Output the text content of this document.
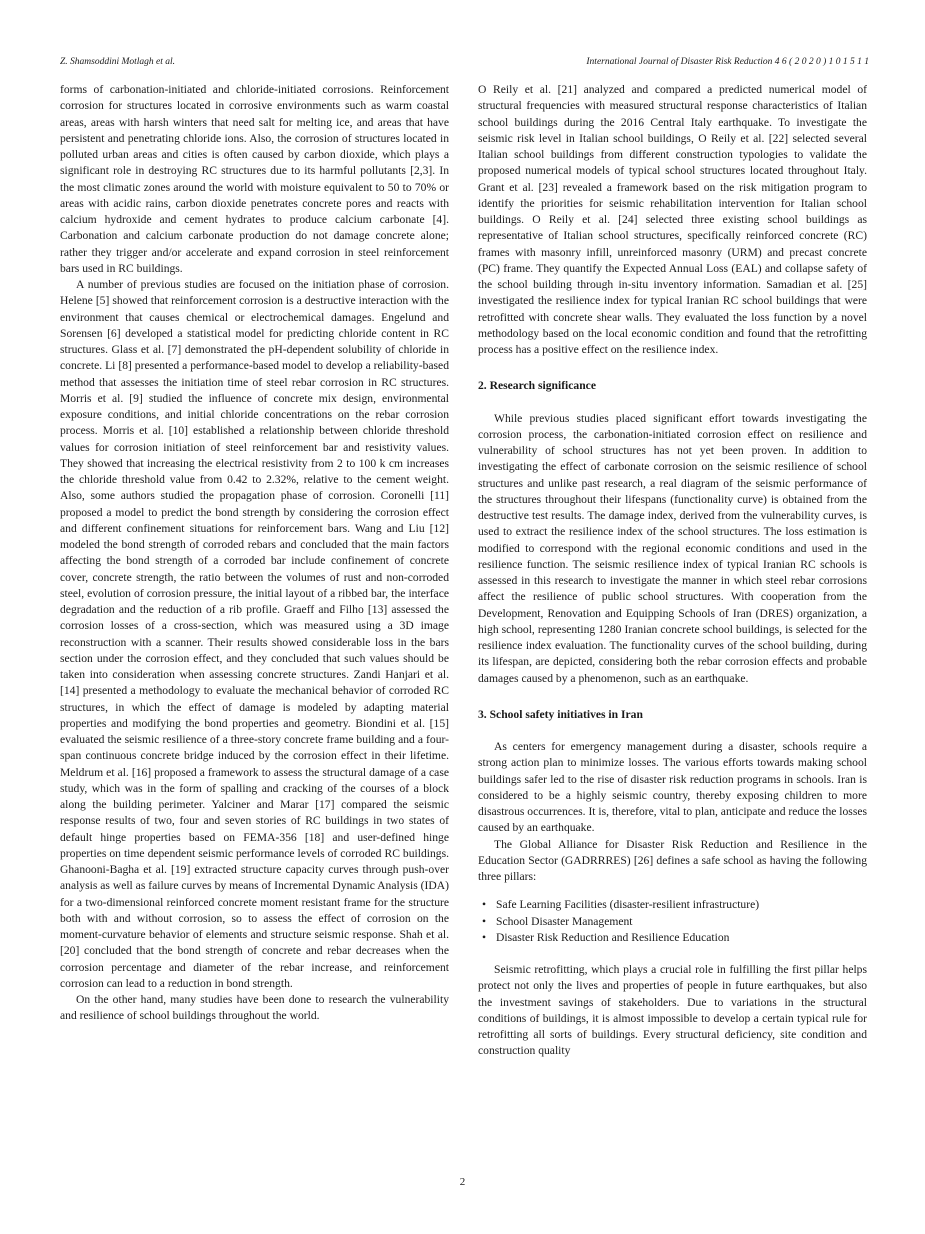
Z. Shamsoddini Motlagh et al.	International Journal of Disaster Risk Reduction 4 6 ( 2 0 2 0 ) 1 0 1 5 1 1

forms of carbonation-initiated and chloride-initiated corrosions. Reinforcement corrosion for structures located in corrosive environments such as warm coastal areas, areas with harsh winters that need salt for melting ice, and areas that have persistent and penetrating chloride ions. Also, the corrosion of structures located in polluted urban areas and cities is often caused by carbon dioxide, which plays a significant role in destroying RC structures due to its harmful pollutants [2,3]. In the most climatic zones around the world with moisture equivalent to 50 to 70% or areas with acidic rains, carbon dioxide penetrates concrete pores and reacts with calcium hydroxide and cement hydrates to produce calcium carbonate [4]. Carbonation and calcium carbonate production do not damage concrete alone; rather they trigger and/or accelerate and expand corrosion in steel reinforcement bars used in RC buildings.

A number of previous studies are focused on the initiation phase of corrosion. Helene [5] showed that reinforcement corrosion is a destructive interaction with the environment that causes chemical or electrochemical damages. Engelund and Sorensen [6] developed a statistical model for predicting chloride content in RC structures. Glass et al. [7] demonstrated the pH-dependent solubility of chloride in concrete. Li [8] presented a performance-based model to develop a reliability-based method that assesses the initiation time of steel rebar corrosion in RC structures. Morris et al. [9] studied the influence of concrete mix design, environmental exposure conditions, and initial chloride concentrations on the rebar corrosion process. Morris et al. [10] established a relationship between chloride threshold values for corrosion initiation of steel reinforcement bar and resistivity values. They showed that increasing the electrical resistivity from 2 to 100 k cm increases the chloride threshold value from 0.42 to 2.32%, relative to the cement weight. Also, some authors studied the propagation phase of corrosion. Coronelli [11] proposed a model to predict the bond strength by considering the corrosion effect and different confinement situations for reinforcement bars. Wang and Liu [12] modeled the bond strength of corroded rebars and concluded that the main factors affecting the bond strength of a corroded bar include confinement of concrete cover, concrete strength, the ratio between the volumes of rust and non-corroded steel, evolution of corrosion pressure, the initial layout of a ribbed bar, the interface degradation and the reduction of a rib profile. Graeff and Filho [13] assessed the corrosion losses of a cross-section, which was measured using a 3D image reconstruction with a scanner. Their results showed considerable loss in the bars section under the corrosion effect, and they concluded that such values should be taken into consideration when assessing concrete structures. Zandi Hanjari et al. [14] presented a methodology to evaluate the mechanical behavior of corroded RC structures, in which the effect of damage is modeled by adapting material properties and modifying the bond properties and geometry. Biondini et al. [15] evaluated the seismic resilience of a three-story concrete frame building and a four-span continuous concrete bridge induced by the corrosion effect in their lifetime. Meldrum et al. [16] proposed a framework to assess the structural damage of a case study, which was in the form of spalling and cracking of the courses of a block along the building perimeter. Yalciner and Marar [17] compared the seismic response results of two, four and seven stories of RC buildings in two states of default hinge properties based on FEMA-356 [18] and user-defined hinge properties on time dependent seismic performance levels of corroded RC buildings. Ghanooni-Bagha et al. [19] extracted structure capacity curves through push-over analysis as well as failure curves by means of Incremental Dynamic Analysis (IDA) for a two-dimensional reinforced concrete moment resistant frame for the structure both with and without corrosion, so to assess the effect of corrosion on the moment-curvature behavior of elements and structure seismic response. Shah et al. [20] concluded that the bond strength of concrete and rebar decreases when the corrosion percentage and diameter of the rebar increase, and reinforcement corrosion can lead to a reduction in bond strength.

On the other hand, many studies have been done to research the vulnerability and resilience of school buildings throughout the world.

O Reily et al. [21] analyzed and compared a predicted numerical model of structural frequencies with measured structural response characteristics of Italian school buildings during the 2016 Central Italy earthquake. To investigate the seismic risk level in Italian school buildings, O Reily et al. [22] selected several Italian school buildings from different construction typologies to validate the proposed numerical models of typical school structures located throughout Italy. Grant et al. [23] revealed a framework based on the risk mitigation program to identify the priorities for seismic rehabilitation intervention for Italian school buildings. O Reily et al. [24] selected three existing school buildings as representative of Italian school structures, specifically reinforced concrete (RC) frames with masonry infill, unreinforced masonry (URM) and precast concrete (PC) frame. They quantify the Expected Annual Loss (EAL) and collapse safety of the school building through in-situ inventory information. Samadian et al. [25] investigated the resilience index for typical Iranian RC school buildings that were retrofitted with concrete shear walls. They evaluated the loss function by a novel methodology based on the local economic condition and found that the retrofitting process has a positive effect on the resilience index.

2. Research significance

While previous studies placed significant effort towards investigating the corrosion process, the carbonation-initiated corrosion effect on resilience and vulnerability of school structures has not yet been proven. In addition to investigating the effect of carbonate corrosion on the seismic resilience of school structures and unlike past research, a real diagram of the seismic performance of the structures throughout their lifespans (functionality curve) is obtained from the destructive test results. The damage index, derived from the vulnerability curves, is used to extract the resilience index of the school structures. The loss estimation is modified to correspond with the regional economic conditions and used in the resilience function. The seismic resilience index of typical Iranian RC schools is assessed in this research to investigate the manner in which steel rebar corrosions affect the resilience of public school structures. With cooperation from the Development, Renovation and Equipping Schools of Iran (DRES) organization, a high school, representing 1280 Iranian concrete school buildings, is selected for the resilience index evaluation. The functionality curves of the school building, during its lifespan, are depicted, considering both the rebar corrosion effects and probable damages caused by a phenomenon, such as an earthquake.

3. School safety initiatives in Iran

As centers for emergency management during a disaster, schools require a strong action plan to minimize losses. The various efforts towards making school buildings safer led to the rise of disaster risk reduction programs in schools. Iran is considered to be a highly seismic country, thereby exposing children to more disastrous occurrences. It is, therefore, vital to plan, anticipate and reduce the losses caused by an earthquake.

The Global Alliance for Disaster Risk Reduction and Resilience in the Education Sector (GADRRRES) [26] defines a safe school as having the following three pillars:

• Safe Learning Facilities (disaster-resilient infrastructure)
• School Disaster Management
• Disaster Risk Reduction and Resilience Education

Seismic retrofitting, which plays a crucial role in fulfilling the first pillar helps protect not only the lives and properties of people in future earthquakes, but also the investment savings of stakeholders. Due to variations in the structural conditions of buildings, it is almost impossible to develop a certain typical rule for retrofitting all sorts of buildings. Every structural deficiency, site condition and construction quality

2
